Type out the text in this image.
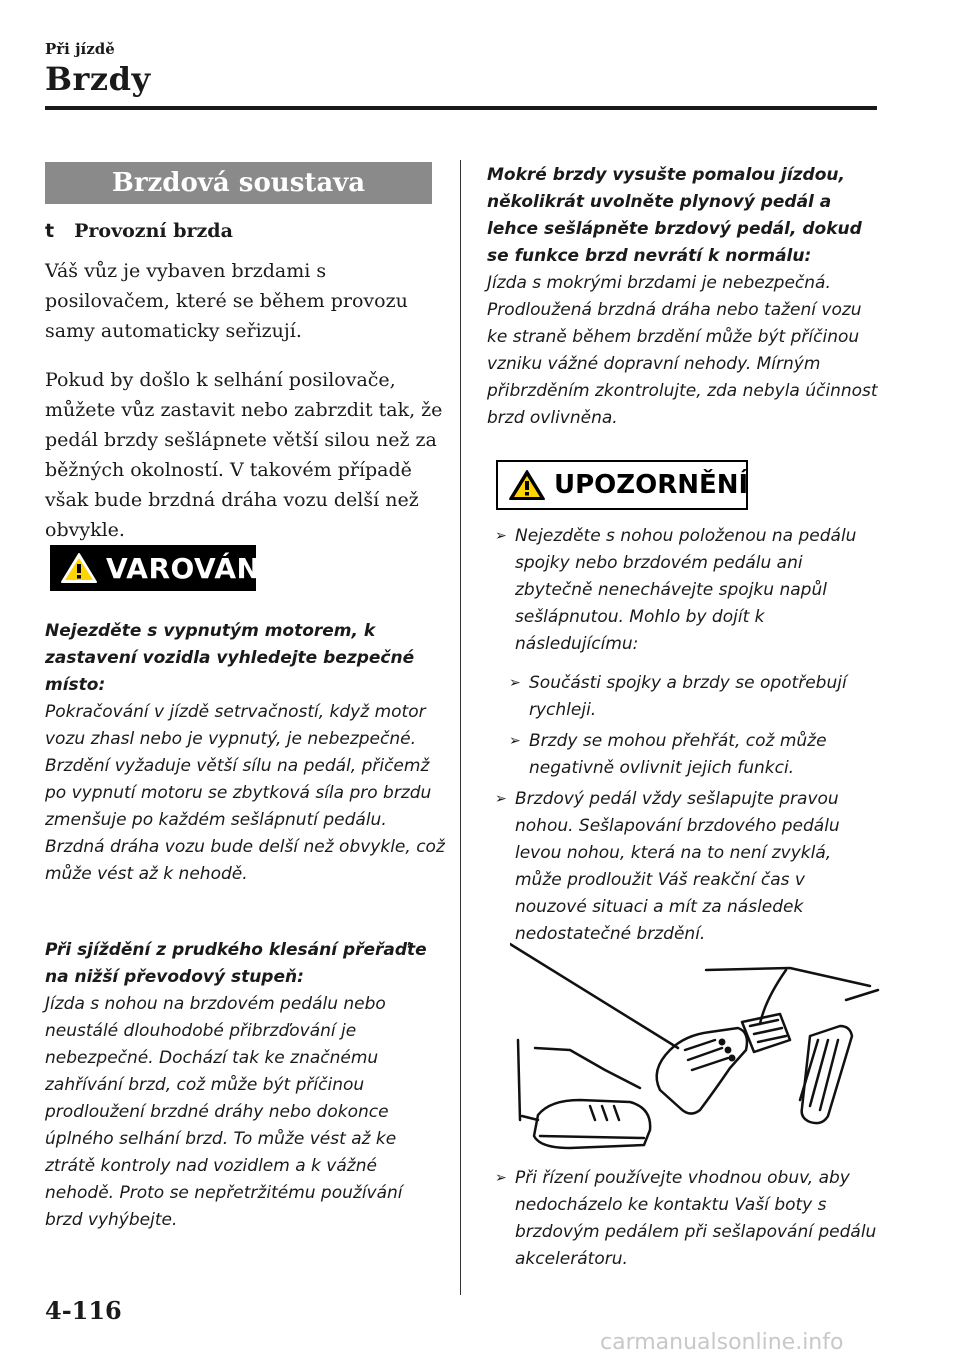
Při jízdě
Brzdy
Brzdová soustava
t Provozní brzda
Váš vůz je vybaven brzdami s posilovačem, které se během provozu samy automaticky seřizují.
Pokud by došlo k selhání posilovače, můžete vůz zastavit nebo zabrzdit tak, že pedál brzdy sešlápnete větší silou než za běžných okolností. V takovém případě však bude brzdná dráha vozu delší než obvykle.
VAROVÁNÍ
Nejezděte s vypnutým motorem, k zastavení vozidla vyhledejte bezpečné místo:
Pokračování v jízdě setrvačností, když motor vozu zhasl nebo je vypnutý, je nebezpečné. Brzdění vyžaduje větší sílu na pedál, přičemž po vypnutí motoru se zbytková síla pro brzdu zmenšuje po každém sešlápnutí pedálu. Brzdná dráha vozu bude delší než obvykle, což může vést až k nehodě.
Při sjíždění z prudkého klesání přeřaďte na nižší převodový stupeň:
Jízda s nohou na brzdovém pedálu nebo neustálé dlouhodobé přibrzďování je nebezpečné. Dochází tak ke značnému zahřívání brzd, což může být příčinou prodloužení brzdné dráhy nebo dokonce úplného selhání brzd. To může vést až ke ztrátě kontroly nad vozidlem a k vážné nehodě. Proto se nepřetržitému používání brzd vyhýbejte.
Mokré brzdy vysušte pomalou jízdou, několikrát uvolněte plynový pedál a lehce sešlápněte brzdový pedál, dokud se funkce brzd nevrátí k normálu:
Jízda s mokrými brzdami je nebezpečná. Prodloužená brzdná dráha nebo tažení vozu ke straně během brzdění může být příčinou vzniku vážné dopravní nehody. Mírným přibrzděním zkontrolujte, zda nebyla účinnost brzd ovlivněna.
UPOZORNĚNÍ
➢ Nejezděte s nohou položenou na pedálu spojky nebo brzdovém pedálu ani zbytečně nenechávejte spojku napůl sešlápnutou. Mohlo by dojít k následujícímu:
➢ Součásti spojky a brzdy se opotřebují rychleji.
➢ Brzdy se mohou přehřát, což může negativně ovlivnit jejich funkci.
➢ Brzdový pedál vždy sešlapujte pravou nohou. Sešlapování brzdového pedálu levou nohou, která na to není zvyklá, může prodloužit Váš reakční čas v nouzové situaci a mít za následek nedostatečné brzdění.
➢ Při řízení používejte vhodnou obuv, aby nedocházelo ke kontaktu Vaší boty s brzdovým pedálem při sešlapování pedálu akcelerátoru.
4-116
carmanualsonline.info
